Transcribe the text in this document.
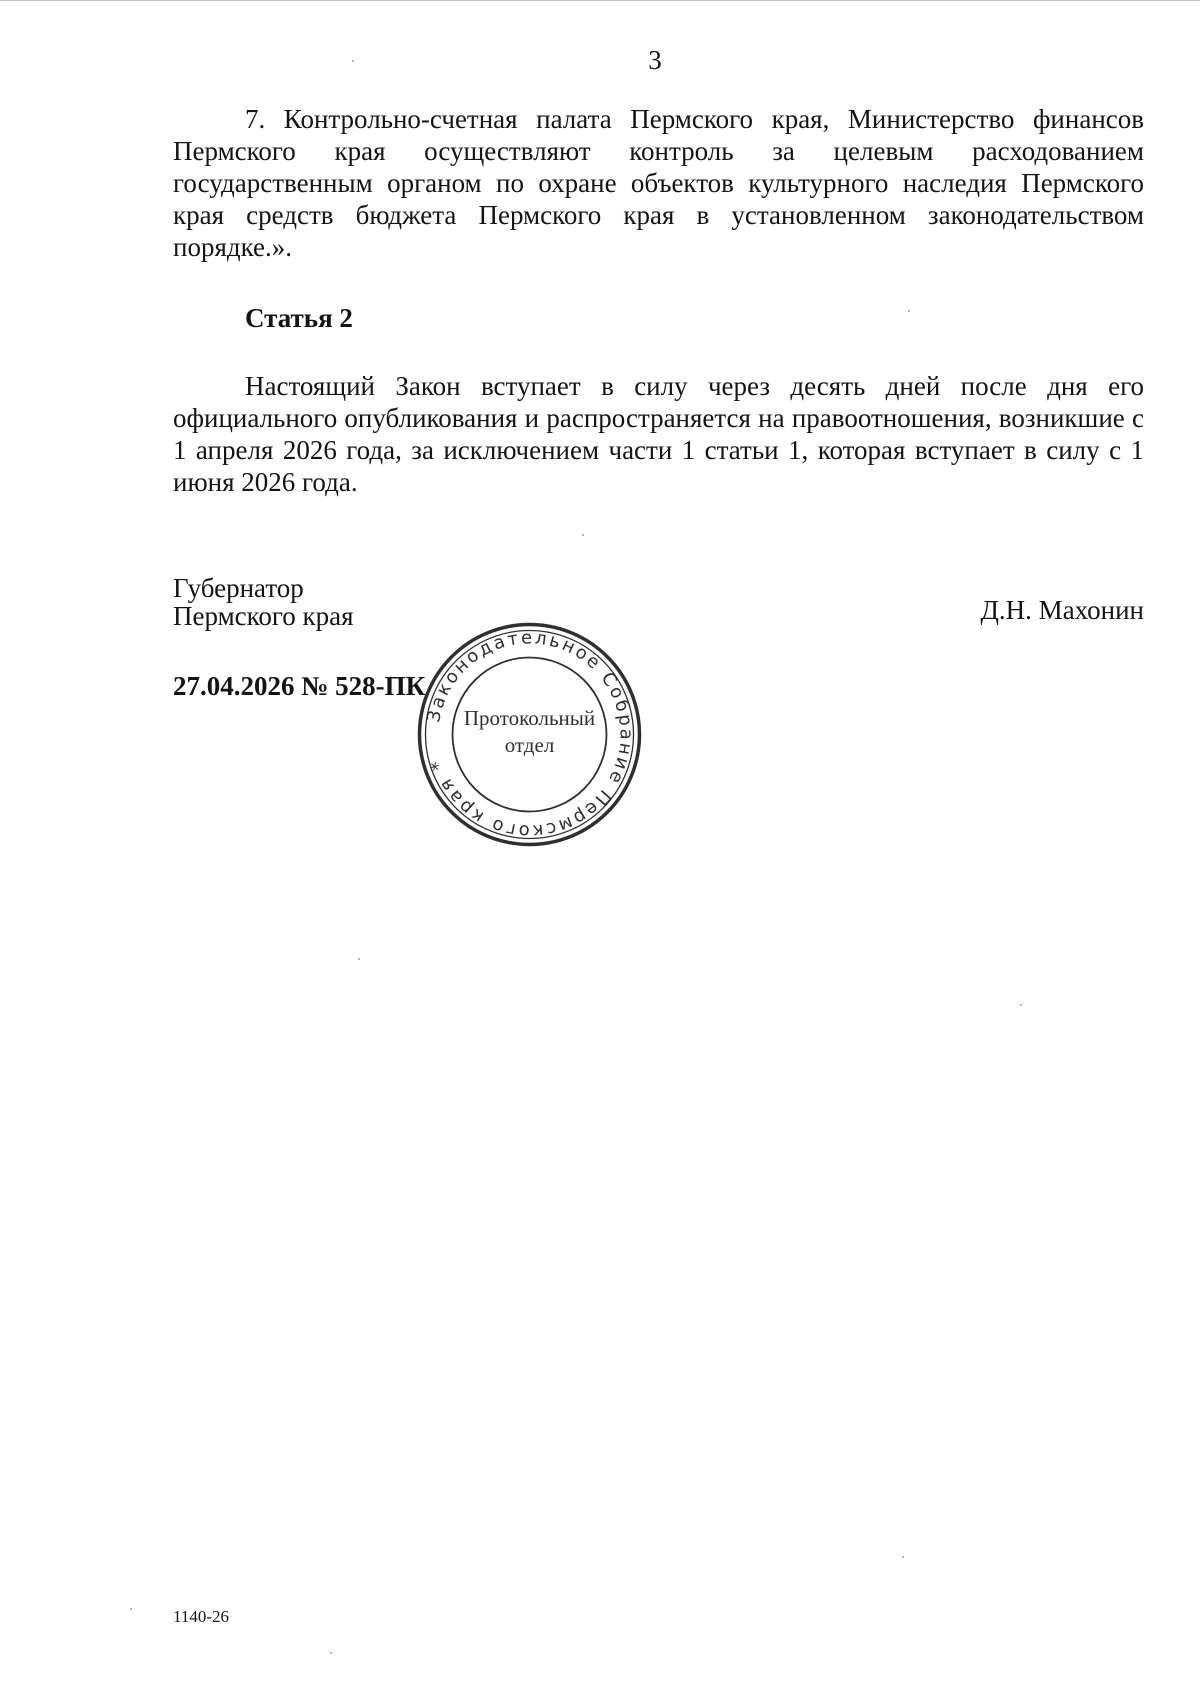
3

7. Контрольно-счетная палата Пермского края, Министерство финансов Пермского края осуществляют контроль за целевым расходованием государственным органом по охране объектов культурного наследия Пермского края средств бюджета Пермского края в установленном законодательством порядке.».

Статья 2

Настоящий Закон вступает в силу через десять дней после дня его официального опубликования и распространяется на правоотношения, возникшие с 1 апреля 2026 года, за исключением части 1 статьи 1, которая вступает в силу с 1 июня 2026 года.

Губернатор
Пермского края	Д.Н. Махонин
27.04.2026 № 528-ПК
Законодательное Собрание Пермского края *
Протокольный
отдел
1140-26
